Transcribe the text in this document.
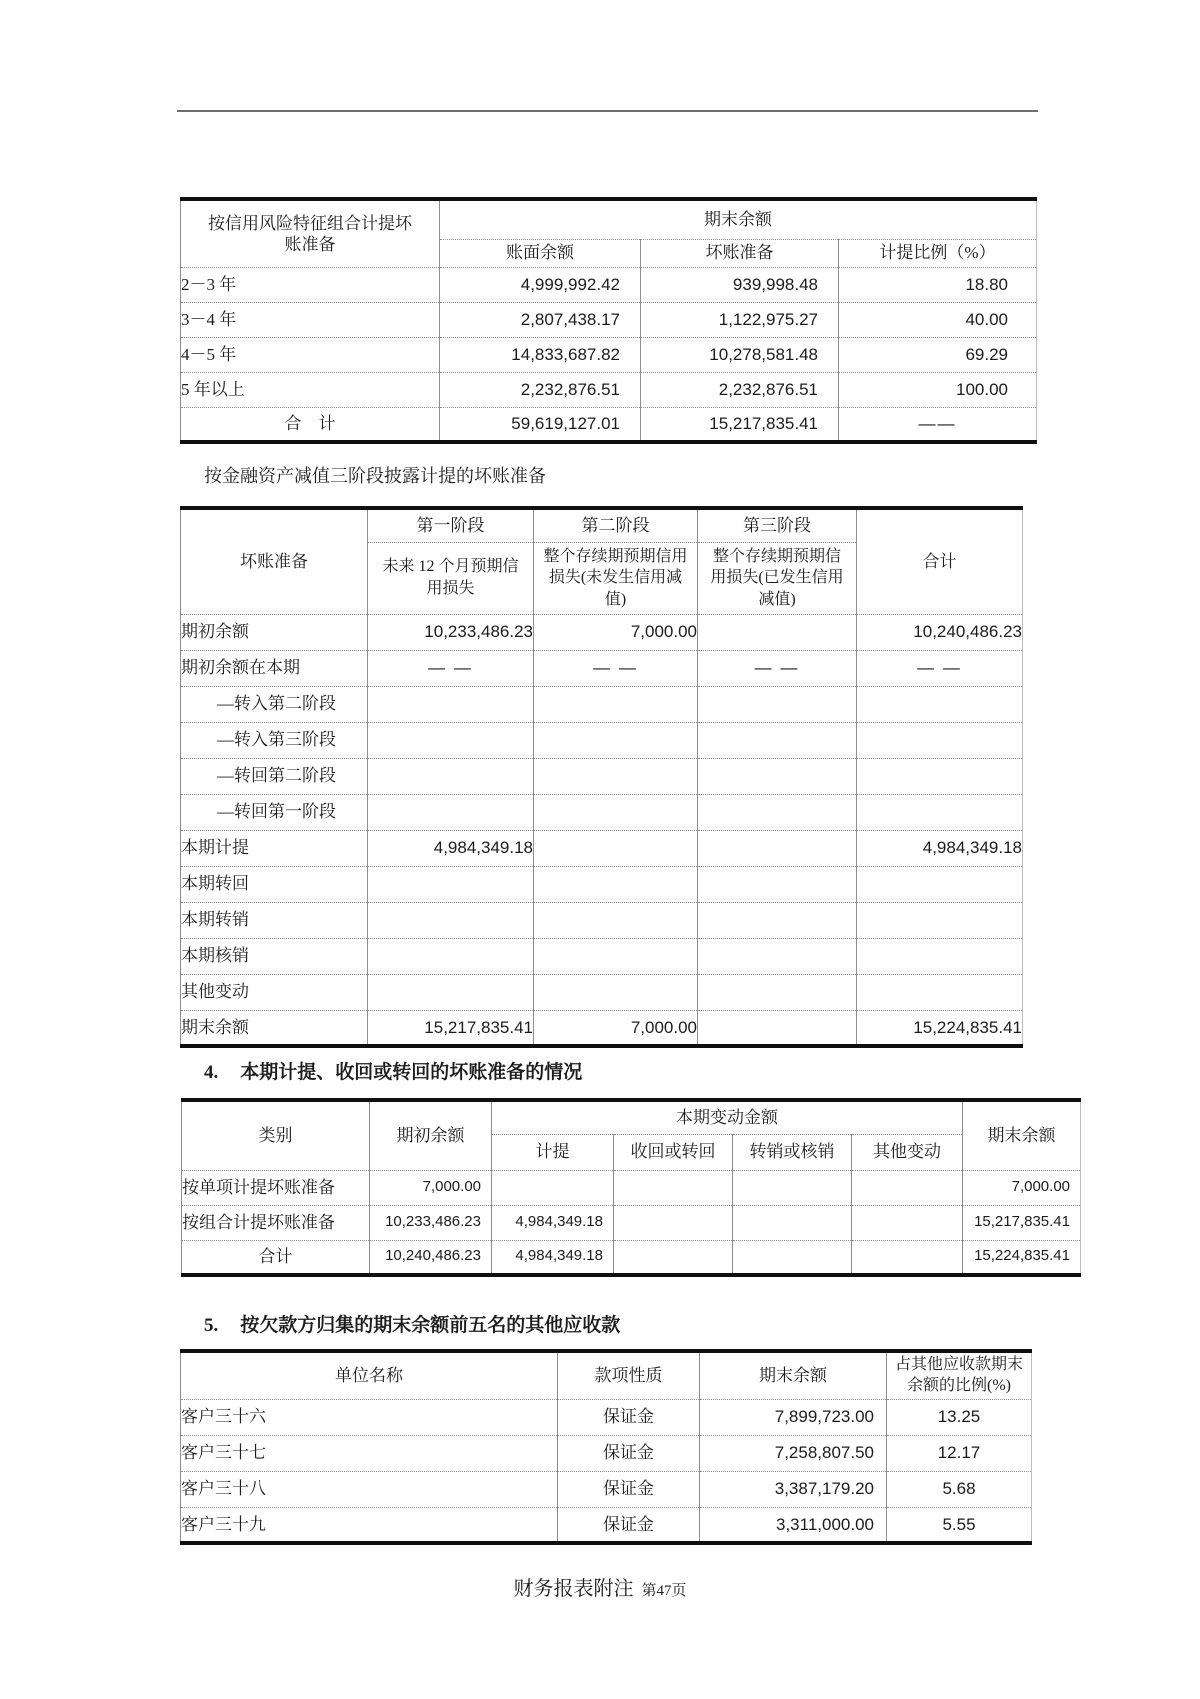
按信用风险特征组合计提坏账准备	期末余额		
	账面余额	坏账准备	计提比例（%）
2－3 年	4,999,992.42	939,998.48	18.80
3－4 年	2,807,438.17	1,122,975.27	40.00
4－5 年	14,833,687.82	10,278,581.48	69.29
5 年以上	2,232,876.51	2,232,876.51	100.00
合　计	59,619,127.01	15,217,835.41	——
按金融资产减值三阶段披露计提的坏账准备
坏账准备	第一阶段	第二阶段	第三阶段	合计
	未来 12 个月预期信用损失	整个存续期预期信用损失(未发生信用减值)	整个存续期预期信用损失(已发生信用减值)	
期初余额	10,233,486.23	7,000.00		10,240,486.23
期初余额在本期	— —	— —	— —	— —
—转入第二阶段				
—转入第三阶段				
—转回第二阶段				
—转回第一阶段				
本期计提	4,984,349.18			4,984,349.18
本期转回				
本期转销				
本期核销				
其他变动				
期末余额	15,217,835.41	7,000.00		15,224,835.41
4. 本期计提、收回或转回的坏账准备的情况
类别	期初余额	本期变动金额				期末余额
		计提	收回或转回	转销或核销	其他变动	
按单项计提坏账准备	7,000.00					7,000.00
按组合计提坏账准备	10,233,486.23	4,984,349.18				15,217,835.41
合计	10,240,486.23	4,984,349.18				15,224,835.41
5. 按欠款方归集的期末余额前五名的其他应收款
单位名称	款项性质	期末余额	占其他应收款期末余额的比例(%)
客户三十六	保证金	7,899,723.00	13.25
客户三十七	保证金	7,258,807.50	12.17
客户三十八	保证金	3,387,179.20	5.68
客户三十九	保证金	3,311,000.00	5.55
财务报表附注 第47页
